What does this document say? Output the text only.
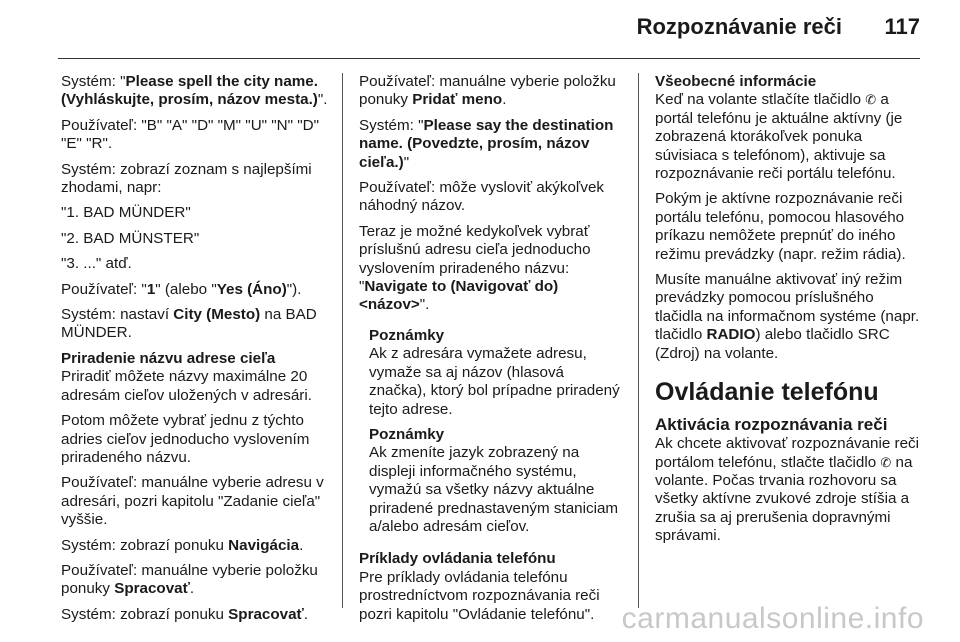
Rozpoznávanie reči 117

Systém: "Please spell the city name. (Vyhláskujte, prosím, názov mesta.)".

Používateľ: "B" "A" "D" "M" "U" "N" "D" "E" "R".

Systém: zobrazí zoznam s najlepšími zhodami, napr:

"1. BAD MÜNDER"

"2. BAD MÜNSTER"

"3. ..." atď.

Používateľ: "1" (alebo "Yes (Áno)").

Systém: nastaví City (Mesto) na BAD MÜNDER.

Priradenie názvu adrese cieľa

Priradiť môžete názvy maximálne 20 adresám cieľov uložených v adresári.

Potom môžete vybrať jednu z týchto adries cieľov jednoducho vyslovením priradeného názvu.

Používateľ: manuálne vyberie adresu v adresári, pozri kapitolu "Zadanie cieľa" vyššie.

Systém: zobrazí ponuku Navigácia.

Používateľ: manuálne vyberie položku ponuky Spracovať.

Systém: zobrazí ponuku Spracovať.

Používateľ: manuálne vyberie položku ponuky Pridať meno.

Systém: "Please say the destination name. (Povedzte, prosím, názov cieľa.)"

Používateľ: môže vysloviť akýkoľvek náhodný názov.

Teraz je možné kedykoľvek vybrať príslušnú adresu cieľa jednoducho vyslovením priradeného názvu: "Navigate to (Navigovať do) <názov>".

Poznámky

Ak z adresára vymažete adresu, vymaže sa aj názov (hlasová značka), ktorý bol prípadne priradený tejto adrese.

Poznámky

Ak zmeníte jazyk zobrazený na displeji informačného systému, vymažú sa všetky názvy aktuálne priradené prednastaveným staniciam a/alebo adresám cieľov.

Príklady ovládania telefónu

Pre príklady ovládania telefónu prostredníctvom rozpoznávania reči pozri kapitolu "Ovládanie telefónu".

Všeobecné informácie

Keď na volante stlačíte tlačidlo ✆ a portál telefónu je aktuálne aktívny (je zobrazená ktorákoľvek ponuka súvisiaca s telefónom), aktivuje sa rozpoznávanie reči portálu telefónu.

Pokým je aktívne rozpoznávanie reči portálu telefónu, pomocou hlasového príkazu nemôžete prepnúť do iného režimu prevádzky (napr. režim rádia).

Musíte manuálne aktivovať iný režim prevádzky pomocou príslušného tlačidla na informačnom systéme (napr. tlačidlo RADIO) alebo tlačidlo SRC (Zdroj) na volante.

Ovládanie telefónu
Aktivácia rozpoznávania reči

Ak chcete aktivovať rozpoznávanie reči portálom telefónu, stlačte tlačidlo ✆ na volante. Počas trvania rozhovoru sa všetky aktívne zvukové zdroje stíšia a zrušia sa aj prerušenia dopravnými správami.

carmanualsonline.info
